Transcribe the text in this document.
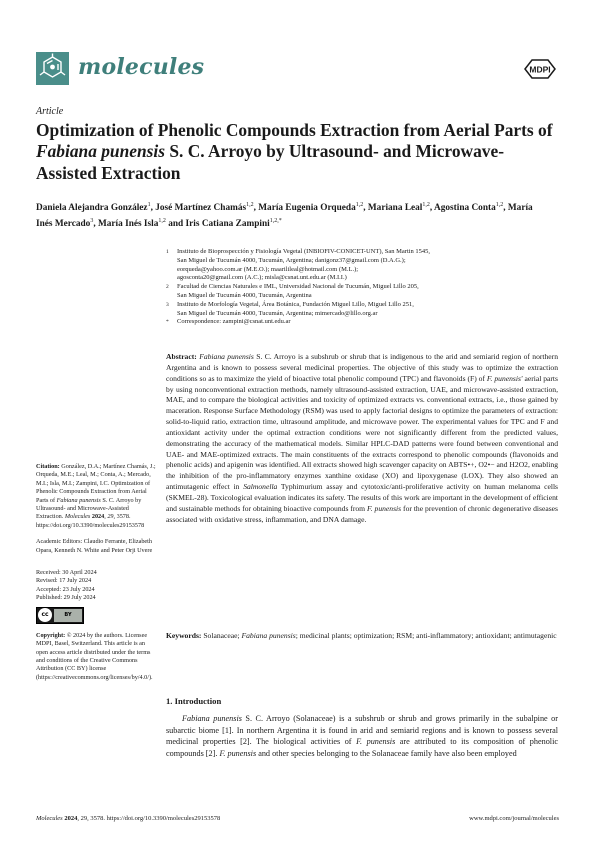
molecules	MDPI
Article
Optimization of Phenolic Compounds Extraction from Aerial Parts of Fabiana punensis S. C. Arroyo by Ultrasound- and Microwave-Assisted Extraction
Daniela Alejandra González$^1$, José Martínez Chamás$^{1,2}$, María Eugenia Orqueda$^{1,2}$, Mariana Leal$^{1,2}$, Agostina Conta$^{1,2}$, María Inés Mercado$^3$, María Inés Isla$^{1,2}$ and Iris Catiana Zampini$^{1,2,*}$
1 Instituto de Bioprospección y Fisiología Vegetal (INBIOFIV-CONICET-UNT), San Martin 1545,
San Miguel de Tucumán 4000, Tucumán, Argentina; danigonz37@gmail.com (D.A.G.);
eorqueda@yahoo.com.ar (M.E.O.); maarilileal@hotmail.com (M.L.);
agosconta20@gmail.com (A.C.); misla@csnat.unt.edu.ar (M.I.I.)
2 Facultad de Ciencias Naturales e IML, Universidad Nacional de Tucumán, Miguel Lillo 205,
San Miguel de Tucumán 4000, Tucumán, Argentina
3 Instituto de Morfología Vegetal, Área Botánica, Fundación Miguel Lillo, Miguel Lillo 251,
San Miguel de Tucumán 4000, Tucumán, Argentina; mimercado@lillo.org.ar
* Correspondence: zampini@csnat.unt.edu.ar
Abstract: Fabiana punensis S. C. Arroyo is a subshrub or shrub that is indigenous to the arid and semiarid region of northern Argentina and is known to possess several medicinal properties. The objective of this study was to optimize the extraction conditions so as to maximize the yield of bioactive total phenolic compound (TPC) and flavonoids (F) of F. punensis' aerial parts by using nonconventional extraction methods, namely ultrasound-assisted extraction, UAE, and microwave-assisted extraction, MAE, and to compare the biological activities and toxicity of optimized extracts vs. conventional extracts, i.e., those gained by maceration. Response Surface Methodology (RSM) was used to apply factorial designs to optimize the parameters of extraction: solid-to-liquid ratio, extraction time, ultrasound amplitude, and microwave power. The experimental values for TPC and F and antioxidant activity under the optimal extraction conditions were not significantly different from the predicted values, demonstrating the accuracy of the mathematical models. Similar HPLC-DAD patterns were found between conventional and UAE- and MAE-optimized extracts. The main constituents of the extracts correspond to phenolic compounds (flavonoids and phenolic acids) and apigenin was identified. All extracts showed high scavenger capacity on ABTS•+, O2•− and H2O2, enabling the inhibition of the pro-inflammatory enzymes xanthine oxidase (XO) and lipoxygenase (LOX). They also showed an antimutagenic effect in Salmonella Typhimurium assay and cytotoxic/anti-proliferative activity on human melanoma cells (SKMEL-28). Toxicological evaluation indicates its safety. The results of this work are important in the development of efficient and sustainable methods for obtaining bioactive compounds from F. punensis for the prevention of chronic degenerative diseases associated with oxidative stress, inflammation, and DNA damage.
Keywords: Solanaceae; Fabiana punensis; medicinal plants; optimization; RSM; anti-inflammatory; antioxidant; antimutagenic
Citation: González, D.A.; Martínez Chamás, J.; Orqueda, M.E.; Leal, M.; Conta, A.; Mercado, M.I.; Isla, M.I.; Zampini, I.C. Optimization of Phenolic Compounds Extraction from Aerial Parts of Fabiana punensis S. C. Arroyo by Ultrasound- and Microwave-Assisted Extraction. Molecules 2024, 29, 3578. https://doi.org/10.3390/molecules29153578
Academic Editors: Claudio Ferrante, Elizabeth Opara, Kenneth N. White and Peter Orji Uvere
Received: 30 April 2024
Revised: 17 July 2024
Accepted: 23 July 2024
Published: 29 July 2024
cc	BY
Copyright: © 2024 by the authors. Licensee MDPI, Basel, Switzerland. This article is an open access article distributed under the terms and conditions of the Creative Commons Attribution (CC BY) license (https://creativecommons.org/licenses/by/4.0/).
1. Introduction

Fabiana punensis S. C. Arroyo (Solanaceae) is a subshrub or shrub and grows primarily in the subalpine or subarctic biome [1]. In northern Argentina it is found in arid and semiarid regions and is known to possess several medicinal properties [2]. The biological activities of F. punensis are attributed to its composition of phenolic compounds [2]. F. punensis and other species belonging to the Solanaceae family have also been employed

Molecules 2024, 29, 3578. https://doi.org/10.3390/molecules29153578	www.mdpi.com/journal/molecules
